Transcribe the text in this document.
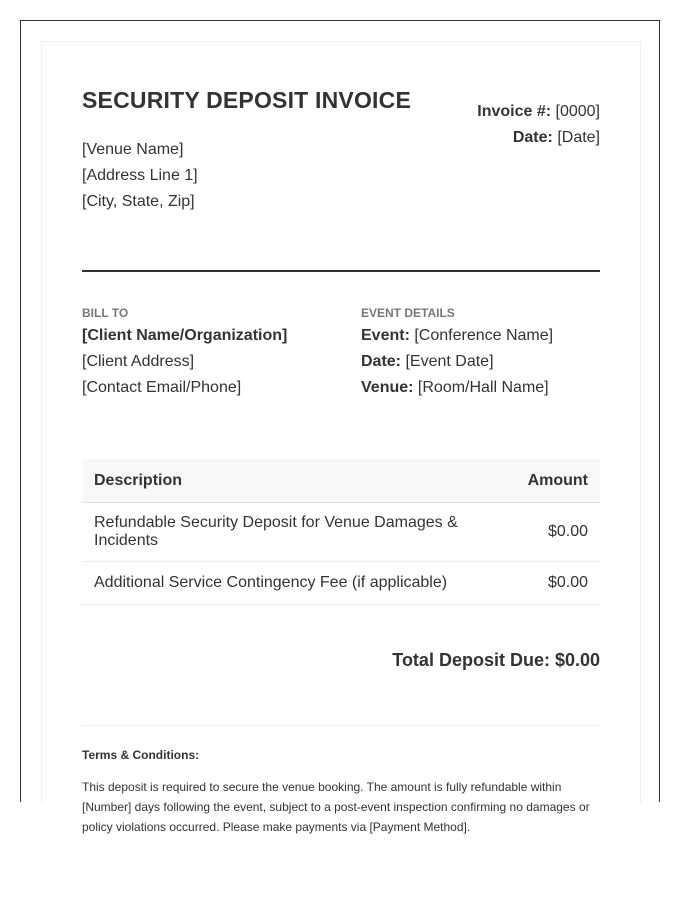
SECURITY DEPOSIT INVOICE
[Venue Name]
[Address Line 1]
[City, State, Zip]
Invoice #: [0000]
Date: [Date]
BILL TO
[Client Name/Organization]
[Client Address]
[Contact Email/Phone]
EVENT DETAILS
Event: [Conference Name]
Date: [Event Date]
Venue: [Room/Hall Name]
Description	Amount
Refundable Security Deposit for Venue Damages & Incidents	$0.00
Additional Service Contingency Fee (if applicable)	$0.00
Total Deposit Due: $0.00
Terms & Conditions:
This deposit is required to secure the venue booking. The amount is fully refundable within [Number] days following the event, subject to a post-event inspection confirming no damages or policy violations occurred. Please make payments via [Payment Method].
